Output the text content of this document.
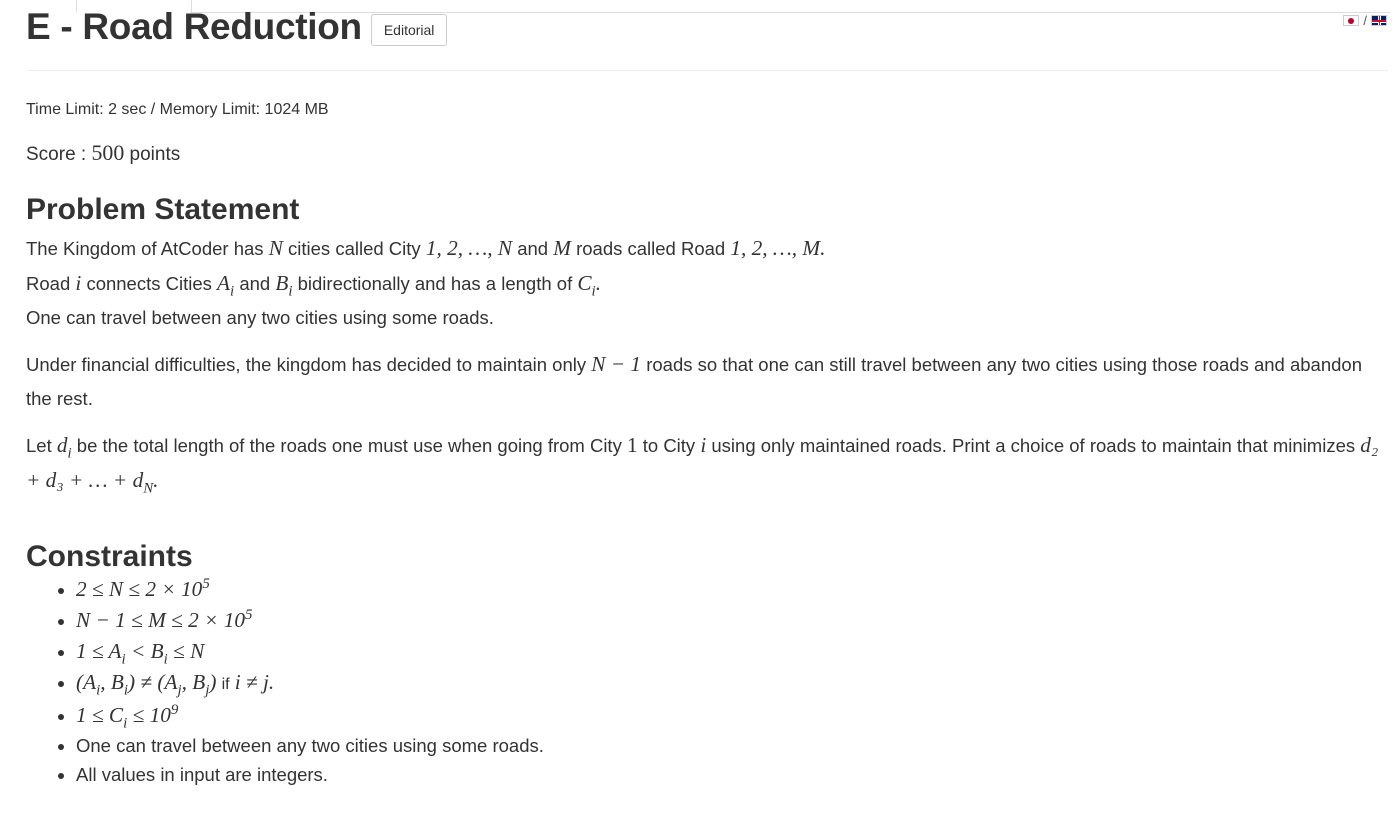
/
E - Road Reduction	Editorial
Time Limit: 2 sec / Memory Limit: 1024 MB
Score : 500 points
Problem Statement

The Kingdom of AtCoder has N cities called City 1, 2, …, N and M roads called Road 1, 2, …, M.
Road i connects Cities $A_i$ and $B_i$ bidirectionally and has a length of $C_i$.
One can travel between any two cities using some roads.

Under financial difficulties, the kingdom has decided to maintain only N − 1 roads so that one can still travel between any two cities using those roads and abandon the rest.

Let $d_i$ be the total length of the roads one must use when going from City 1 to City i using only maintained roads. Print a choice of roads to maintain that minimizes d₂ + d₃ + … + $d_N$.

Constraints
• $2 \le N \le 2 \times 10^5$
• $N - 1 \le M \le 2 \times 10^5$
• $1 \le A_i < B_i \le N$
• ($A_i$, $B_i) \ne (A_j$, $B_j$) if i ≠ j.
• $1 \le C_i \le 10^9$
• One can travel between any two cities using some roads.
• All values in input are integers.
